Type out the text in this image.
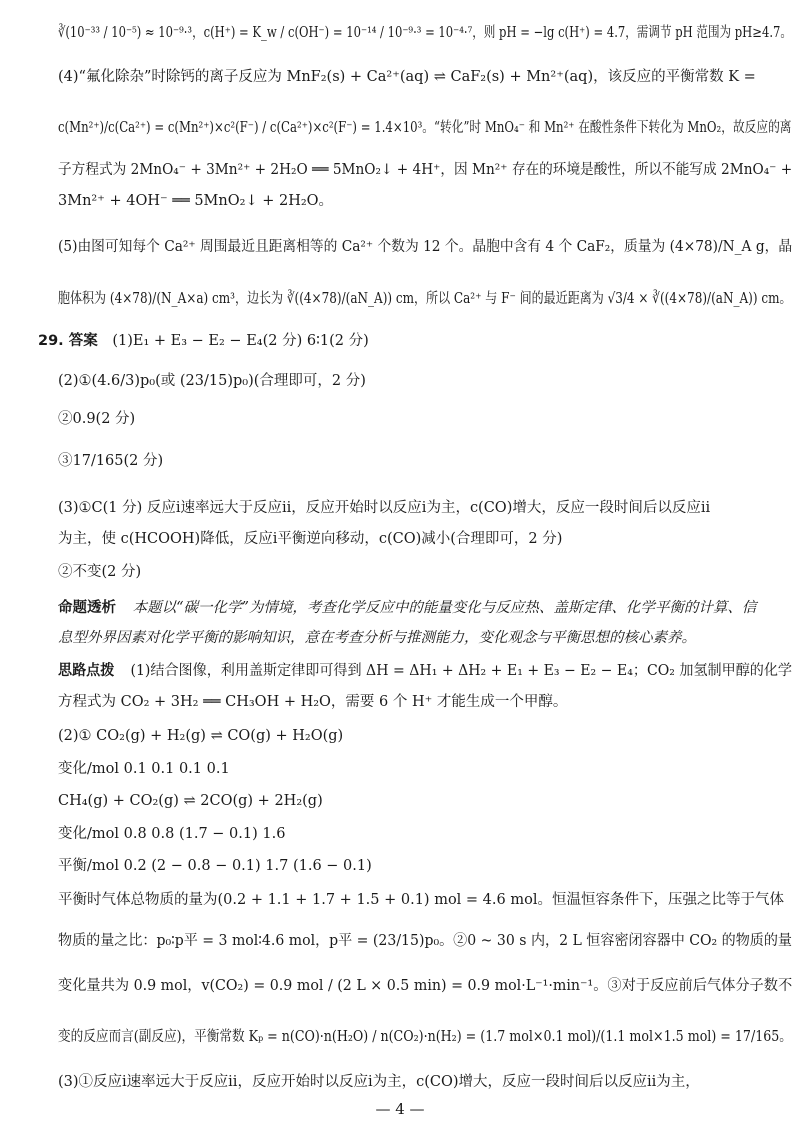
∛(10⁻³³ / 10⁻⁵) ≈ 10⁻⁹·³，c(H⁺) = K_w / c(OH⁻) = 10⁻¹⁴ / 10⁻⁹·³ = 10⁻⁴·⁷，则 pH = −lg c(H⁺) = 4.7，需调节 pH 范围为 pH≥4.7。
(4)“氟化除杂”时除钙的离子反应为 MnF₂(s) + Ca²⁺(aq) ⇌ CaF₂(s) + Mn²⁺(aq)，该反应的平衡常数 K =
c(Mn²⁺)/c(Ca²⁺) = c(Mn²⁺)×c²(F⁻) / c(Ca²⁺)×c²(F⁻) = 1.4×10³。“转化”时 MnO₄⁻ 和 Mn²⁺ 在酸性条件下转化为 MnO₂，故反应的离
子方程式为 2MnO₄⁻ + 3Mn²⁺ + 2H₂O ══ 5MnO₂↓ + 4H⁺，因 Mn²⁺ 存在的环境是酸性，所以不能写成 2MnO₄⁻ +
3Mn²⁺ + 4OH⁻ ══ 5MnO₂↓ + 2H₂O。
(5)由图可知每个 Ca²⁺ 周围最近且距离相等的 Ca²⁺ 个数为 12 个。晶胞中含有 4 个 CaF₂，质量为 (4×78)/N_A g，晶
胞体积为 (4×78)/(N_A×a) cm³，边长为 ∛((4×78)/(aN_A)) cm，所以 Ca²⁺ 与 F⁻ 间的最近距离为 √3/4 × ∛((4×78)/(aN_A)) cm。
29. 答案 (1)E₁ + E₃ − E₂ − E₄(2 分) 6∶1(2 分)
(2)①(4.6/3)p₀(或 (23/15)p₀)(合理即可，2 分)
②0.9(2 分)
③17/165(2 分)
(3)①C(1 分) 反应ⅰ速率远大于反应ⅱ，反应开始时以反应ⅰ为主，c(CO)增大，反应一段时间后以反应ⅱ
为主，使 c(HCOOH)降低，反应ⅰ平衡逆向移动，c(CO)减小(合理即可，2 分)
②不变(2 分)
命题透析 本题以“碳一化学”为情境，考查化学反应中的能量变化与反应热、盖斯定律、化学平衡的计算、信
息型外界因素对化学平衡的影响知识，意在考查分析与推测能力，变化观念与平衡思想的核心素养。
思路点拨 (1)结合图像，利用盖斯定律即可得到 ΔH = ΔH₁ + ΔH₂ + E₁ + E₃ − E₂ − E₄；CO₂ 加氢制甲醇的化学
方程式为 CO₂ + 3H₂ ══ CH₃OH + H₂O，需要 6 个 H⁺ 才能生成一个甲醇。
(2)① CO₂(g) + H₂(g) ⇌ CO(g) + H₂O(g)
变化/mol 0.1 0.1 0.1 0.1
CH₄(g) + CO₂(g) ⇌ 2CO(g) + 2H₂(g)
变化/mol 0.8 0.8 (1.7 − 0.1) 1.6
平衡/mol 0.2 (2 − 0.8 − 0.1) 1.7 (1.6 − 0.1)
平衡时气体总物质的量为(0.2 + 1.1 + 1.7 + 1.5 + 0.1) mol = 4.6 mol。恒温恒容条件下，压强之比等于气体
物质的量之比：p₀∶p平 = 3 mol∶4.6 mol，p平 = (23/15)p₀。②0 ~ 30 s 内，2 L 恒容密闭容器中 CO₂ 的物质的量
变化量共为 0.9 mol，v(CO₂) = 0.9 mol / (2 L × 0.5 min) = 0.9 mol·L⁻¹·min⁻¹。③对于反应前后气体分子数不
变的反应而言(副反应)，平衡常数 Kₚ = n(CO)·n(H₂O) / n(CO₂)·n(H₂) = (1.7 mol×0.1 mol)/(1.1 mol×1.5 mol) = 17/165。
(3)①反应ⅰ速率远大于反应ⅱ，反应开始时以反应ⅰ为主，c(CO)增大，反应一段时间后以反应ⅱ为主，
— 4 —
